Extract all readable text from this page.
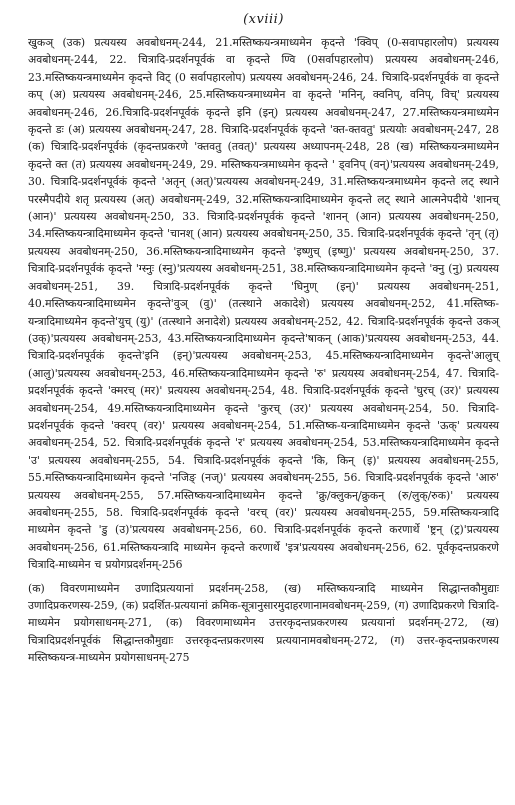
(xviii)

खुकञ् (उक) प्रत्ययस्य अवबोधनम्-244, 21.मस्तिष्कयन्त्रमाध्यमेन कृदन्ते 'क्विप् (0-सवापहारलोप) प्रत्ययस्य अवबोधनम्-244, 22. चित्रादि-प्रदर्शनपूर्वकं वा कृदन्ते ण्वि (0सर्वापहारलोप) प्रत्ययस्य अवबोधनम्-246, 23.मस्तिष्कयन्त्रमाध्यमेन कृदन्ते विट् (0 सर्वापहारलोप) प्रत्ययस्य अवबोधनम्-246, 24. चित्रादि-प्रदर्शनपूर्वकं वा कृदन्ते कप् (अ) प्रत्ययस्य अवबोधनम्-246, 25.मस्तिष्कयन्त्रमाध्यमेन वा कृदन्ते 'मनिन्, क्वनिप्, वनिप्, विच्' प्रत्ययस्य अवबोधनम्-246, 26.चित्रादि-प्रदर्शनपूर्वकं कृदन्ते इनि (इन्) प्रत्ययस्य अवबोधनम्-247, 27.मस्तिष्कयन्त्रमाध्यमेन कृदन्ते डः (अ) प्रत्ययस्य अवबोधनम्-247, 28. चित्रादि-प्रदर्शनपूर्वकं कृदन्ते 'क्त-क्तवतु' प्रत्ययोः अवबोधनम्-247, 28 (क) चित्रादि-प्रदर्शनपूर्वकं (कृदन्तप्रकरणे 'क्तवतु (तवत्)' प्रत्ययस्य अध्यापनम्-248, 28 (ख) मस्तिष्कयन्त्रमाध्यमेन कृदन्ते क्त (त) प्रत्ययस्य अवबोधनम्-249, 29. मस्तिष्कयन्त्रमाध्यमेन कृदन्ते ' ड्वनिप् (वन्)'प्रत्ययस्य अवबोधनम्-249, 30. चित्रादि-प्रदर्शनपूर्वकं कृदन्ते 'अतृन् (अत्)'प्रत्ययस्य अवबोधनम्-249, 31.मस्तिष्कयन्त्रमाध्यमेन कृदन्ते लट् स्थाने परस्मैपदीये शतृ प्रत्ययस्य (अत्) अवबोधनम्-249, 32.मस्तिष्कयन्त्रादिमाध्यमेन कृदन्ते लट् स्थाने आत्मनेपदीये 'शानच् (आन)' प्रत्ययस्य अवबोधनम्-250, 33. चित्रादि-प्रदर्शनपूर्वकं कृदन्ते 'शानन् (आन) प्रत्ययस्य अवबोधनम्-250, 34.मस्तिष्कयन्त्रादिमाध्यमेन कृदन्ते 'चानश् (आन) प्रत्ययस्य अवबोधनम्-250, 35. चित्रादि-प्रदर्शनपूर्वकं कृदन्ते 'तृन् (तृ) प्रत्ययस्य अवबोधनम्-250, 36.मस्तिष्कयन्त्रादिमाध्यमेन कृदन्ते 'इष्णुच् (इष्णु)' प्रत्ययस्य अवबोधनम्-250, 37. चित्रादि-प्रदर्शनपूर्वकं कृदन्ते 'ग्स्नुः (स्नु)'प्रत्ययस्य अवबोधनम्-251, 38.मस्तिष्कयन्त्रादिमाध्यमेन कृदन्ते 'क्नु (नु) प्रत्ययस्य अवबोधनम्-251, 39. चित्रादि-प्रदर्शनपूर्वकं कृदन्ते 'घिनुण् (इन्)' प्रत्ययस्य अवबोधनम्-251, 40.मस्तिष्कयन्त्रादिमाध्यमेन कृदन्ते'वुञ् (वु)' (तत्स्थाने अकादेशे) प्रत्ययस्य अवबोधनम्-252, 41.मस्तिष्क-यन्त्रादिमाध्यमेन कृदन्ते'युच् (यु)' (तत्स्थाने अनादेशे) प्रत्ययस्य अवबोधनम्-252, 42. चित्रादि-प्रदर्शनपूर्वकं कृदन्ते उकञ् (उक्)'प्रत्ययस्य अवबोधनम्-253, 43.मस्तिष्कयन्त्रादिमाध्यमेन कृदन्ते'षाकन् (आक)'प्रत्ययस्य अवबोधनम्-253, 44. चित्रादि-प्रदर्शनपूर्वकं कृदन्ते'इनि (इन्)'प्रत्ययस्य अवबोधनम्-253, 45.मस्तिष्कयन्त्रादिमाध्यमेन कृदन्ते'आलुच् (आलु)'प्रत्ययस्य अवबोधनम्-253, 46.मस्तिष्कयन्त्रादिमाध्यमेन कृदन्ते 'रु' प्रत्ययस्य अवबोधनम्-254, 47. चित्रादि-प्रदर्शनपूर्वकं कृदन्ते 'क्मरच् (मर)' प्रत्ययस्य अवबोधनम्-254, 48. चित्रादि-प्रदर्शनपूर्वकं कृदन्ते 'घुरच् (उर)' प्रत्ययस्य अवबोधनम्-254, 49.मस्तिष्कयन्त्रादिमाध्यमेन कृदन्ते 'कुरच् (उर)' प्रत्ययस्य अवबोधनम्-254, 50. चित्रादि-प्रदर्शनपूर्वकं कृदन्ते 'क्वरप् (वर)' प्रत्ययस्य अवबोधनम्-254, 51.मस्तिष्क-यन्त्रादिमाध्यमेन कृदन्ते 'ऊक्' प्रत्ययस्य अवबोधनम्-254, 52. चित्रादि-प्रदर्शनपूर्वकं कृदन्ते 'र' प्रत्ययस्य अवबोधनम्-254, 53.मस्तिष्कयन्त्रादिमाध्यमेन कृदन्ते 'उ' प्रत्ययस्य अवबोधनम्-255, 54. चित्रादि-प्रदर्शनपूर्वकं कृदन्ते 'कि, किन् (इ)' प्रत्ययस्य अवबोधनम्-255, 55.मस्तिष्कयन्त्रादिमाध्यमेन कृदन्ते 'नजिङ् (नज्)' प्रत्ययस्य अवबोधनम्-255, 56. चित्रादि-प्रदर्शनपूर्वकं कृदन्ते 'आरु' प्रत्ययस्य अवबोधनम्-255, 57.मस्तिष्कयन्त्रादिमाध्यमेन कृदन्ते 'क्रु/क्लुकन्/क्रुकन् (रु/लुक्/रुक)' प्रत्ययस्य अवबोधनम्-255, 58. चित्रादि-प्रदर्शनपूर्वकं कृदन्ते 'वरच् (वर)' प्रत्ययस्य अवबोधनम्-255, 59.मस्तिष्कयन्त्रादि माध्यमेन कृदन्ते 'डु (उ)'प्रत्ययस्य अवबोधनम्-256, 60. चित्रादि-प्रदर्शनपूर्वकं कृदन्ते करणार्थे 'ष्ट्रन् (ट्र)'प्रत्ययस्य अवबोधनम्-256, 61.मस्तिष्कयन्त्रादि माध्यमेन कृदन्ते करणार्थे 'इत्र'प्रत्ययस्य अवबोधनम्-256, 62. पूर्वकृदन्तप्रकरणे चित्रादि-माध्यमेन च प्रयोगप्रदर्शनम्-256

(क) विवरणमाध्यमेन उणादिप्रत्ययानां प्रदर्शनम्-258, (ख) मस्तिष्कयन्त्रादि माध्यमेन सिद्धान्तकौमुद्याः उणादिप्रकरणस्य-259, (क) प्रदर्शित-प्रत्ययानां क्रमिक-सूत्रानुसारमुदाहरणानामवबोधनम्-259, (ग) उणादिप्रकरणे चित्रादि-माध्यमेन प्रयोगसाधनम्-271, (क) विवरणमाध्यमेन उत्तरकृदन्तप्रकरणस्य प्रत्ययानां प्रदर्शनम्-272, (ख) चित्रादिप्रदर्शनपूर्वकं सिद्धान्तकौमुद्याः उत्तरकृदन्तप्रकरणस्य प्रत्ययानामवबोधनम्-272, (ग) उत्तर-कृदन्तप्रकरणस्य मस्तिष्कयन्त्र-माध्यमेन प्रयोगसाधनम्-275
